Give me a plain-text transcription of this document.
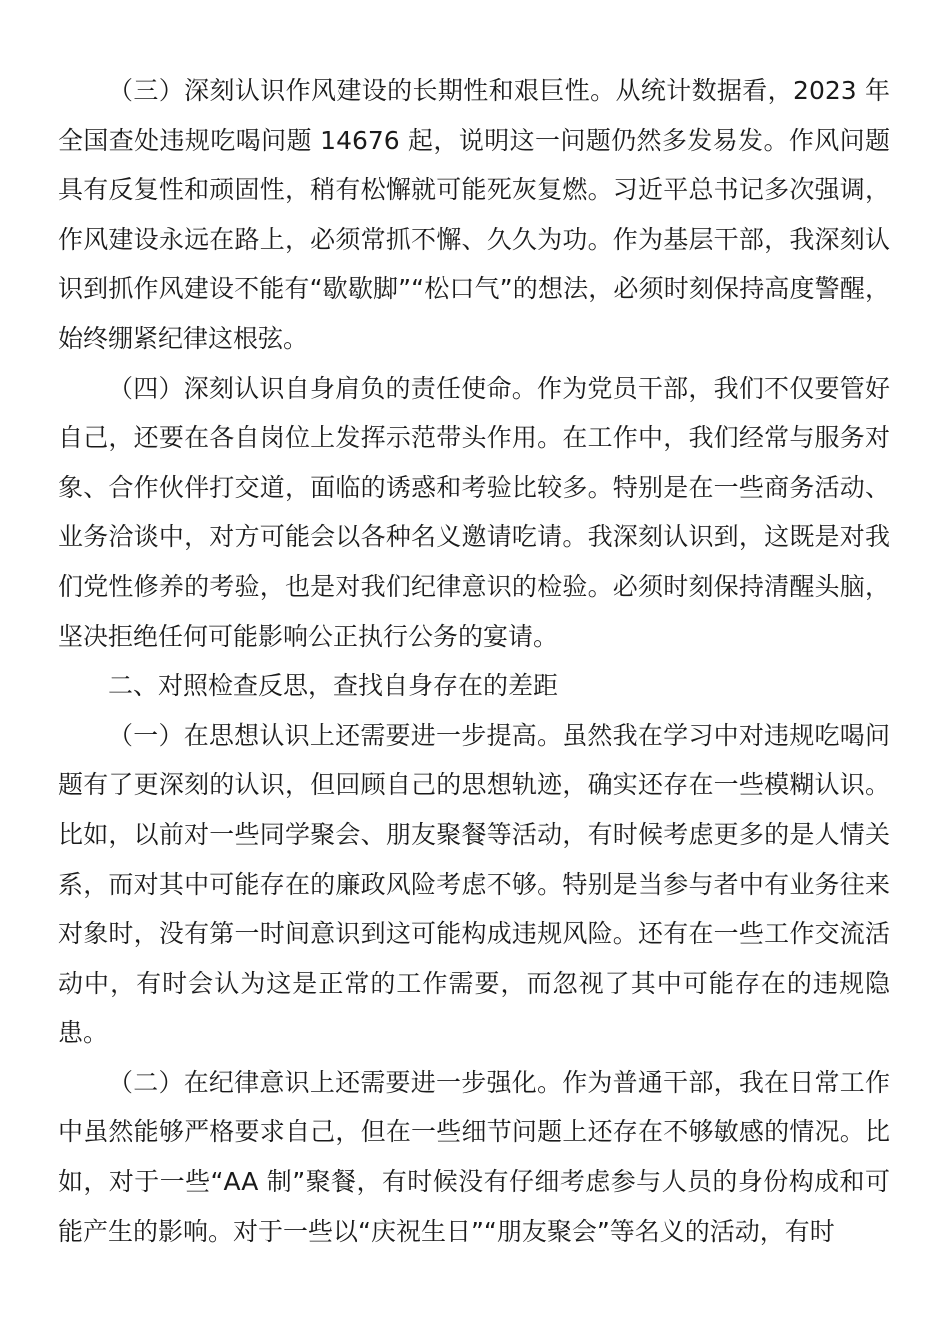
（三）深刻认识作风建设的长期性和艰巨性。从统计数据看，2023 年全国查处违规吃喝问题 14676 起，说明这一问题仍然多发易发。作风问题具有反复性和顽固性，稍有松懈就可能死灰复燃。习近平总书记多次强调，作风建设永远在路上，必须常抓不懈、久久为功。作为基层干部，我深刻认识到抓作风建设不能有“歇歇脚”“松口气”的想法，必须时刻保持高度警醒，始终绷紧纪律这根弦。

（四）深刻认识自身肩负的责任使命。作为党员干部，我们不仅要管好自己，还要在各自岗位上发挥示范带头作用。在工作中，我们经常与服务对象、合作伙伴打交道，面临的诱惑和考验比较多。特别是在一些商务活动、业务洽谈中，对方可能会以各种名义邀请吃请。我深刻认识到，这既是对我们党性修养的考验，也是对我们纪律意识的检验。必须时刻保持清醒头脑，坚决拒绝任何可能影响公正执行公务的宴请。

二、对照检查反思，查找自身存在的差距

（一）在思想认识上还需要进一步提高。虽然我在学习中对违规吃喝问题有了更深刻的认识，但回顾自己的思想轨迹，确实还存在一些模糊认识。比如，以前对一些同学聚会、朋友聚餐等活动，有时候考虑更多的是人情关系，而对其中可能存在的廉政风险考虑不够。特别是当参与者中有业务往来对象时，没有第一时间意识到这可能构成违规风险。还有在一些工作交流活动中，有时会认为这是正常的工作需要，而忽视了其中可能存在的违规隐患。

（二）在纪律意识上还需要进一步强化。作为普通干部，我在日常工作中虽然能够严格要求自己，但在一些细节问题上还存在不够敏感的情况。比如，对于一些“AA 制”聚餐，有时候没有仔细考虑参与人员的身份构成和可能产生的影响。对于一些以“庆祝生日”“朋友聚会”等名义的活动，有时
